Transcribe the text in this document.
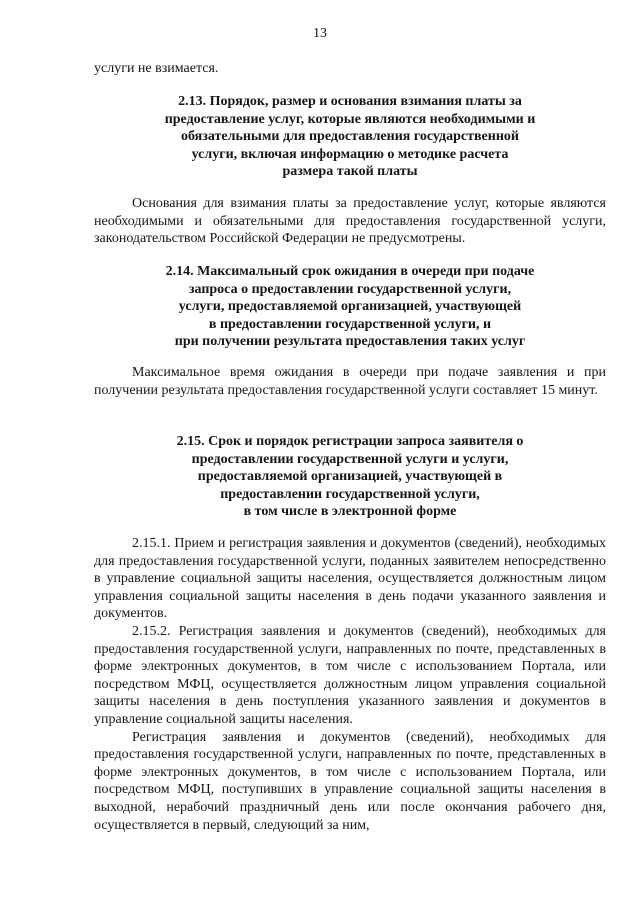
13

услуги не взимается.

2.13. Порядок, размер и основания взимания платы за
предоставление услуг, которые являются необходимыми и
обязательными для предоставления государственной
услуги, включая информацию о методике расчета
размера такой платы

Основания для взимания платы за предоставление услуг, которые являются необходимыми и обязательными для предоставления государственной услуги, законодательством Российской Федерации не предусмотрены.

2.14. Максимальный срок ожидания в очереди при подаче
запроса о предоставлении государственной услуги,
услуги, предоставляемой организацией, участвующей
в предоставлении государственной услуги, и
при получении результата предоставления таких услуг

Максимальное время ожидания в очереди при подаче заявления и при получении результата предоставления государственной услуги составляет 15 минут.

2.15. Срок и порядок регистрации запроса заявителя о
предоставлении государственной услуги и услуги,
предоставляемой организацией, участвующей в
предоставлении государственной услуги,
в том числе в электронной форме

2.15.1. Прием и регистрация заявления и документов (сведений), необходимых для предоставления государственной услуги, поданных заявителем непосредственно в управление социальной защиты населения, осуществляется должностным лицом управления социальной защиты населения в день подачи указанного заявления и документов.

2.15.2. Регистрация заявления и документов (сведений), необходимых для предоставления государственной услуги, направленных по почте, представленных в форме электронных документов, в том числе с использованием Портала, или посредством МФЦ, осуществляется должностным лицом управления социальной защиты населения в день поступления указанного заявления и документов в управление социальной защиты населения.

Регистрация заявления и документов (сведений), необходимых для предоставления государственной услуги, направленных по почте, представленных в форме электронных документов, в том числе с использованием Портала, или посредством МФЦ, поступивших в управление социальной защиты населения в выходной, нерабочий праздничный день или после окончания рабочего дня, осуществляется в первый, следующий за ним,
